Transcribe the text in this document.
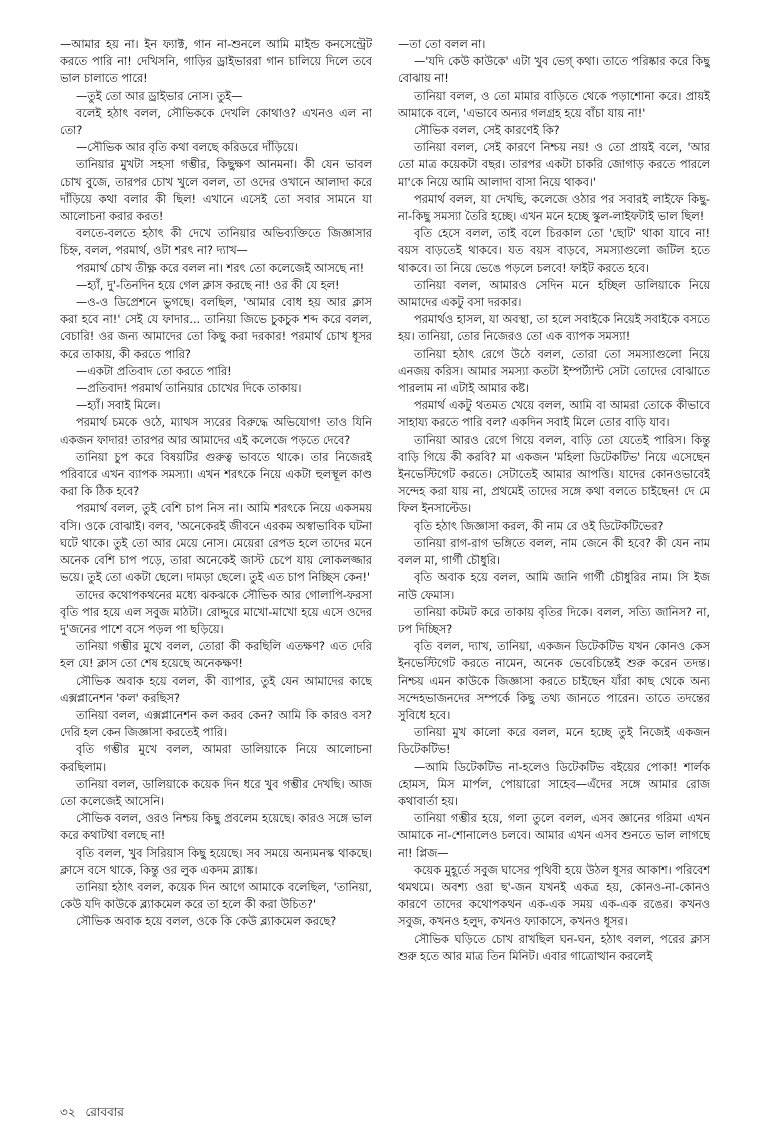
—আমার হয় না। ইন ফ্যাক্ট, গান না-শুনলে আমি মাইন্ড কনসেন্ট্রেট করতে পারি না! দেখিসনি, গাড়ির ড্রাইভাররা গান চালিয়ে দিলে তবে ভাল চালাতে পারে!

—তুই তো আর ড্রাইভার নোস। তুই—

বলেই হঠাৎ বলল, সৌভিককে দেখলি কোথাও? এখনও এল না তো?

—সৌভিক আর বৃতি কথা বলছে করিডরে দাঁড়িয়ে।

তানিয়ার মুখটা সহসা গম্ভীর, কিছুক্ষণ আনমনা। কী যেন ভাবল চোখ বুজে, তারপর চোখ খুলে বলল, তা ওদের ওখানে আলাদা করে দাঁড়িয়ে কথা বলার কী ছিল! এখানে এসেই তো সবার সামনে যা আলোচনা করার করত!

বলতে-বলতে হঠাৎ কী দেখে তানিয়ার অভিব্যক্তিতে জিজ্ঞাসার চিহ্ন, বলল, পরমার্থ, ওটা শরৎ না? দ্যাখ—

পরমার্থ চোখ তীক্ষ্ণ করে বলল না। শরৎ তো কলেজেই আসছে না!

—হ্যাঁ, দু'-তিনদিন হয়ে গেল ক্লাস করছে না! ওর কী যে হল!

—ও-ও ডিপ্রেশনে ভুগছে। বলছিল, 'আমার বোধ হয় আর ক্লাস করা হবে না!' সেই যে ফাদার... তানিয়া জিভে চুকচুক শব্দ করে বলল, বেচারি! ওর জন্য আমাদের তো কিছু করা দরকার! পরমার্থ চোখ ধূসর করে তাকায়, কী করতে পারি?

—একটা প্রতিবাদ তো করতে পারি!

—প্রতিবাদ! পরমার্থ তানিয়ার চোখের দিকে তাকায়।

—হ্যাঁ। সবাই মিলে।

পরমার্থ চমকে ওঠে, ম্যাথস স্যরের বিরুদ্ধে অভিযোগ! তাও যিনি একজন ফাদার! তারপর আর আমাদের এই কলেজে পড়তে দেবে?

তানিয়া চুপ করে বিষয়টির গুরুত্ব ভাবতে থাকে। তার নিজেরই পরিবারে এখন ব্যাপক সমস্যা। এখন শরৎকে নিয়ে একটা হুলস্থূল কাণ্ড করা কি ঠিক হবে?

পরমার্থ বলল, তুই বেশি চাপ নিস না। আমি শরৎকে নিয়ে একসময় বসি। ওকে বোঝাই। বলব, 'অনেকেরই জীবনে এরকম অস্বাভাবিক ঘটনা ঘটে থাকে। তুই তো আর মেয়ে নোস। মেয়েরা রেপড হলে তাদের মনে অনেক বেশি চাপ পড়ে, তারা অনেকেই জাস্ট চেপে যায় লোকলজ্জার ভয়ে। তুই তো একটা ছেলে। দামড়া ছেলে। তুই এত চাপ নিচ্ছিস কেন!'

তাদের কথোপকথনের মধ্যে ঝকঝকে সৌভিক আর গোলাপি-ফরসা বৃতি পার হয়ে এল সবুজ মাঠটা। রোদ্দুরে মাখো-মাখো হয়ে এসে ওদের দু'জনের পাশে বসে পড়ল পা ছড়িয়ে।

তানিয়া গম্ভীর মুখে বলল, তোরা কী করছিলি এতক্ষণ? এত দেরি হল যে! ক্লাস তো শেষ হয়েছে অনেকক্ষণ!

সৌভিক অবাক হয়ে বলল, কী ব্যাপার, তুই যেন আমাদের কাছে এক্সপ্লানেশন 'কল' করছিস?

তানিয়া বলল, এক্সপ্লানেশন কল করব কেন? আমি কি কারও বস? দেরি হল কেন জিজ্ঞাসা করতেই পারি।

বৃতি গম্ভীর মুখে বলল, আমরা ডালিয়াকে নিয়ে আলোচনা করছিলাম।

তানিয়া বলল, ডালিয়াকে কয়েক দিন ধরে খুব গম্ভীর দেখছি। আজ তো কলেজেই আসেনি।

সৌভিক বলল, ওরও নিশ্চয় কিছু প্রবলেম হয়েছে। কারও সঙ্গে ভাল করে কথাটথা বলছে না!

বৃতি বলল, খুব সিরিয়াস কিছু হয়েছে। সব সময়ে অন্যমনস্ক থাকছে। ক্লাসে বসে থাকে, কিন্তু ওর লুক একদম ব্ল্যাঙ্ক।

তানিয়া হঠাৎ বলল, কয়েক দিন আগে আমাকে বলেছিল, 'তানিয়া, কেউ যদি কাউকে ব্ল্যাকমেল করে তা হলে কী করা উচিত?'

সৌভিক অবাক হয়ে বলল, ওকে কি কেউ ব্ল্যাকমেল করছে?

—তা তো বলল না।

—'যদি কেউ কাউকে' এটা খুব ভেগ্‌ কথা। তাতে পরিষ্কার করে কিছু বোঝায় না!

তানিয়া বলল, ও তো মামার বাড়িতে থেকে পড়াশোনা করে। প্রায়ই আমাকে বলে, 'এভাবে অন্যর গলগ্রহ হয়ে বাঁচা যায় না!'

সৌভিক বলল, সেই কারণেই কি?

তানিয়া বলল, সেই কারণে নিশ্চয় নয়! ও তো প্রায়ই বলে, 'আর তো মাত্র কয়েকটা বছর। তারপর একটা চাকরি জোগাড় করতে পারলে মা'কে নিয়ে আমি আলাদা বাসা নিয়ে থাকব।'

পরমার্থ বলল, যা দেখছি, কলেজে ওঠার পর সবারই লাইফে কিছু-না-কিছু সমস্যা তৈরি হচ্ছে। এখন মনে হচ্ছে স্কুল-লাইফটাই ভাল ছিল!

বৃতি হেসে বলল, তাই বলে চিরকাল তো 'ছোট' থাকা যাবে না! বয়স বাড়তেই থাকবে। যত বয়স বাড়বে, সমস্যাগুলো জটিল হতে থাকবে। তা নিয়ে ভেঙে পড়লে চলবে! ফাইট করতে হবে।

তানিয়া বলল, আমারও সেদিন মনে হচ্ছিল ডালিয়াকে নিয়ে আমাদের একটু বসা দরকার।

পরমার্থও হাসল, যা অবস্থা, তা হলে সবাইকে নিয়েই সবাইকে বসতে হয়। তানিয়া, তোর নিজেরও তো এক ব্যাপক সমস্যা!

তানিয়া হঠাৎ রেগে উঠে বলল, তোরা তো সমস্যাগুলো নিয়ে এনজয় করিস। আমার সমস্যা কতটা ইম্পর্ট্যান্ট সেটা তোদের বোঝাতে পারলাম না এটাই আমার কষ্ট।

পরমার্থ একটু থতমত খেয়ে বলল, আমি বা আমরা তোকে কীভাবে সাহায্য করতে পারি বল? একদিন সবাই মিলে তোর বাড়ি যাব।

তানিয়া আরও রেগে গিয়ে বলল, বাড়ি তো যেতেই পারিস। কিন্তু বাড়ি গিয়ে কী করবি? মা একজন 'মহিলা ডিটেকটিভ' নিয়ে এসেছেন ইনভেস্টিগেট করতে। সেটাতেই আমার আপত্তি। যাদের কোনওভাবেই সন্দেহ করা যায় না, প্রথমেই তাদের সঙ্গে কথা বলতে চাইছেন! দে মে ফিল ইনসাল্টেড।

বৃতি হঠাৎ জিজ্ঞাসা করল, কী নাম রে ওই ডিটেকটিভের?

তানিয়া রাগ-রাগ ভঙ্গিতে বলল, নাম জেনে কী হবে? কী যেন নাম বলল মা, গার্গী চৌধুরি।

বৃতি অবাক হয়ে বলল, আমি জানি গার্গী চৌধুরির নাম। সি ইজ নাউ ফেমাস।

তানিয়া কটমট করে তাকায় বৃতির দিকে। বলল, সত্যি জানিস? না, ঢপ দিচ্ছিস?

বৃতি বলল, দ্যাখ, তানিয়া, একজন ডিটেকটিভ যখন কোনও কেস ইনভেস্টিগেট করতে নামেন, অনেক ভেবেচিন্তেই শুরু করেন তদন্ত। নিশ্চয় এমন কাউকে জিজ্ঞাসা করতে চাইছেন যাঁরা কাছ থেকে অন্য সন্দেহভাজনদের সম্পর্কে কিছু তথ্য জানতে পারেন। তাতে তদন্তের সুবিধে হবে।

তানিয়া মুখ কালো করে বলল, মনে হচ্ছে তুই নিজেই একজন ডিটেকটিভ!

—আমি ডিটেকটিভ না-হলেও ডিটেকটিভ বইয়ের পোকা! শার্লক হোমস, মিস মার্পল, পোয়ারো সাহেব—এঁদের সঙ্গে আমার রোজ কথাবার্তা হয়।

তানিয়া গম্ভীর হয়ে, গলা তুলে বলল, এসব জ্ঞানের গরিমা এখন আমাকে না-শোনালেও চলবে। আমার এখন এসব শুনতে ভাল লাগছে না! প্লিজ—

কয়েক মুহূর্তে সবুজ ঘাসের পৃথিবী হয়ে উঠল ধূসর আকাশ। পরিবেশ থমথমে। অবশ্য ওরা ছ'-জন যখনই একত্র হয়, কোনও-না-কোনও কারণে তাদের কথোপকথন এক-এক সময় এক-এক রঙের। কখনও সবুজ, কখনও হলুদ, কখনও ফ্যাকাসে, কখনও ধূসর।

সৌভিক ঘড়িতে চোখ রাখছিল ঘন-ঘন, হঠাৎ বলল, পরের ক্লাস শুরু হতে আর মাত্র তিন মিনিট। এবার গাত্রোত্থান করলেই

৩২ রোববার
